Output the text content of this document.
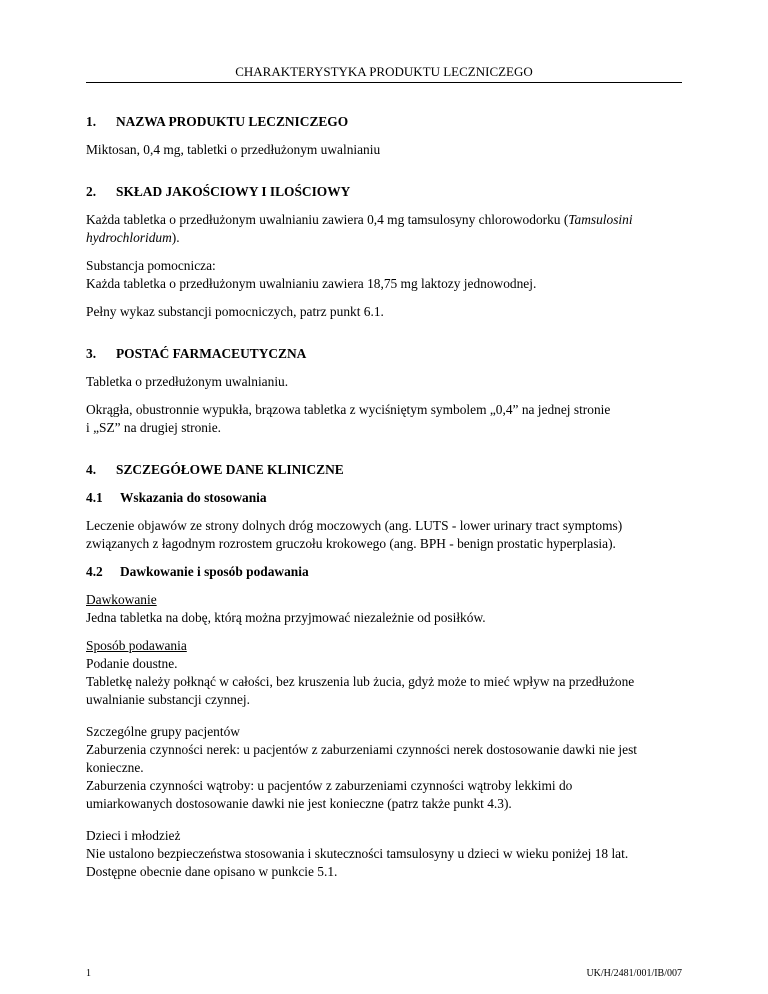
CHARAKTERYSTYKA PRODUKTU LECZNICZEGO
1.	NAZWA PRODUKTU LECZNICZEGO

Miktosan, 0,4 mg, tabletki o przedłużonym uwalnianiu

2.	SKŁAD JAKOŚCIOWY I ILOŚCIOWY

Każda tabletka o przedłużonym uwalnianiu zawiera 0,4 mg tamsulosyny chlorowodorku (Tamsulosini hydrochloridum).

Substancja pomocnicza:
Każda tabletka o przedłużonym uwalnianiu zawiera 18,75 mg laktozy jednowodnej.

Pełny wykaz substancji pomocniczych, patrz punkt 6.1.

3.	POSTAĆ FARMACEUTYCZNA

Tabletka o przedłużonym uwalnianiu.

Okrągła, obustronnie wypukła, brązowa tabletka z wyciśniętym symbolem „0,4” na jednej stronie
i „SZ” na drugiej stronie.

4.	SZCZEGÓŁOWE DANE KLINICZNE
4.1	Wskazania do stosowania

Leczenie objawów ze strony dolnych dróg moczowych (ang. LUTS - lower urinary tract symptoms)
związanych z łagodnym rozrostem gruczołu krokowego (ang. BPH - benign prostatic hyperplasia).

4.2	Dawkowanie i sposób podawania

Dawkowanie
Jedna tabletka na dobę, którą można przyjmować niezależnie od posiłków.

Sposób podawania
Podanie doustne.
Tabletkę należy połknąć w całości, bez kruszenia lub żucia, gdyż może to mieć wpływ na przedłużone
uwalnianie substancji czynnej.

Szczególne grupy pacjentów
Zaburzenia czynności nerek: u pacjentów z zaburzeniami czynności nerek dostosowanie dawki nie jest
konieczne.
Zaburzenia czynności wątroby: u pacjentów z zaburzeniami czynności wątroby lekkimi do
umiarkowanych dostosowanie dawki nie jest konieczne (patrz także punkt 4.3).

Dzieci i młodzież
Nie ustalono bezpieczeństwa stosowania i skuteczności tamsulosyny u dzieci w wieku poniżej 18 lat.
Dostępne obecnie dane opisano w punkcie 5.1.

1	UK/H/2481/001/IB/007
